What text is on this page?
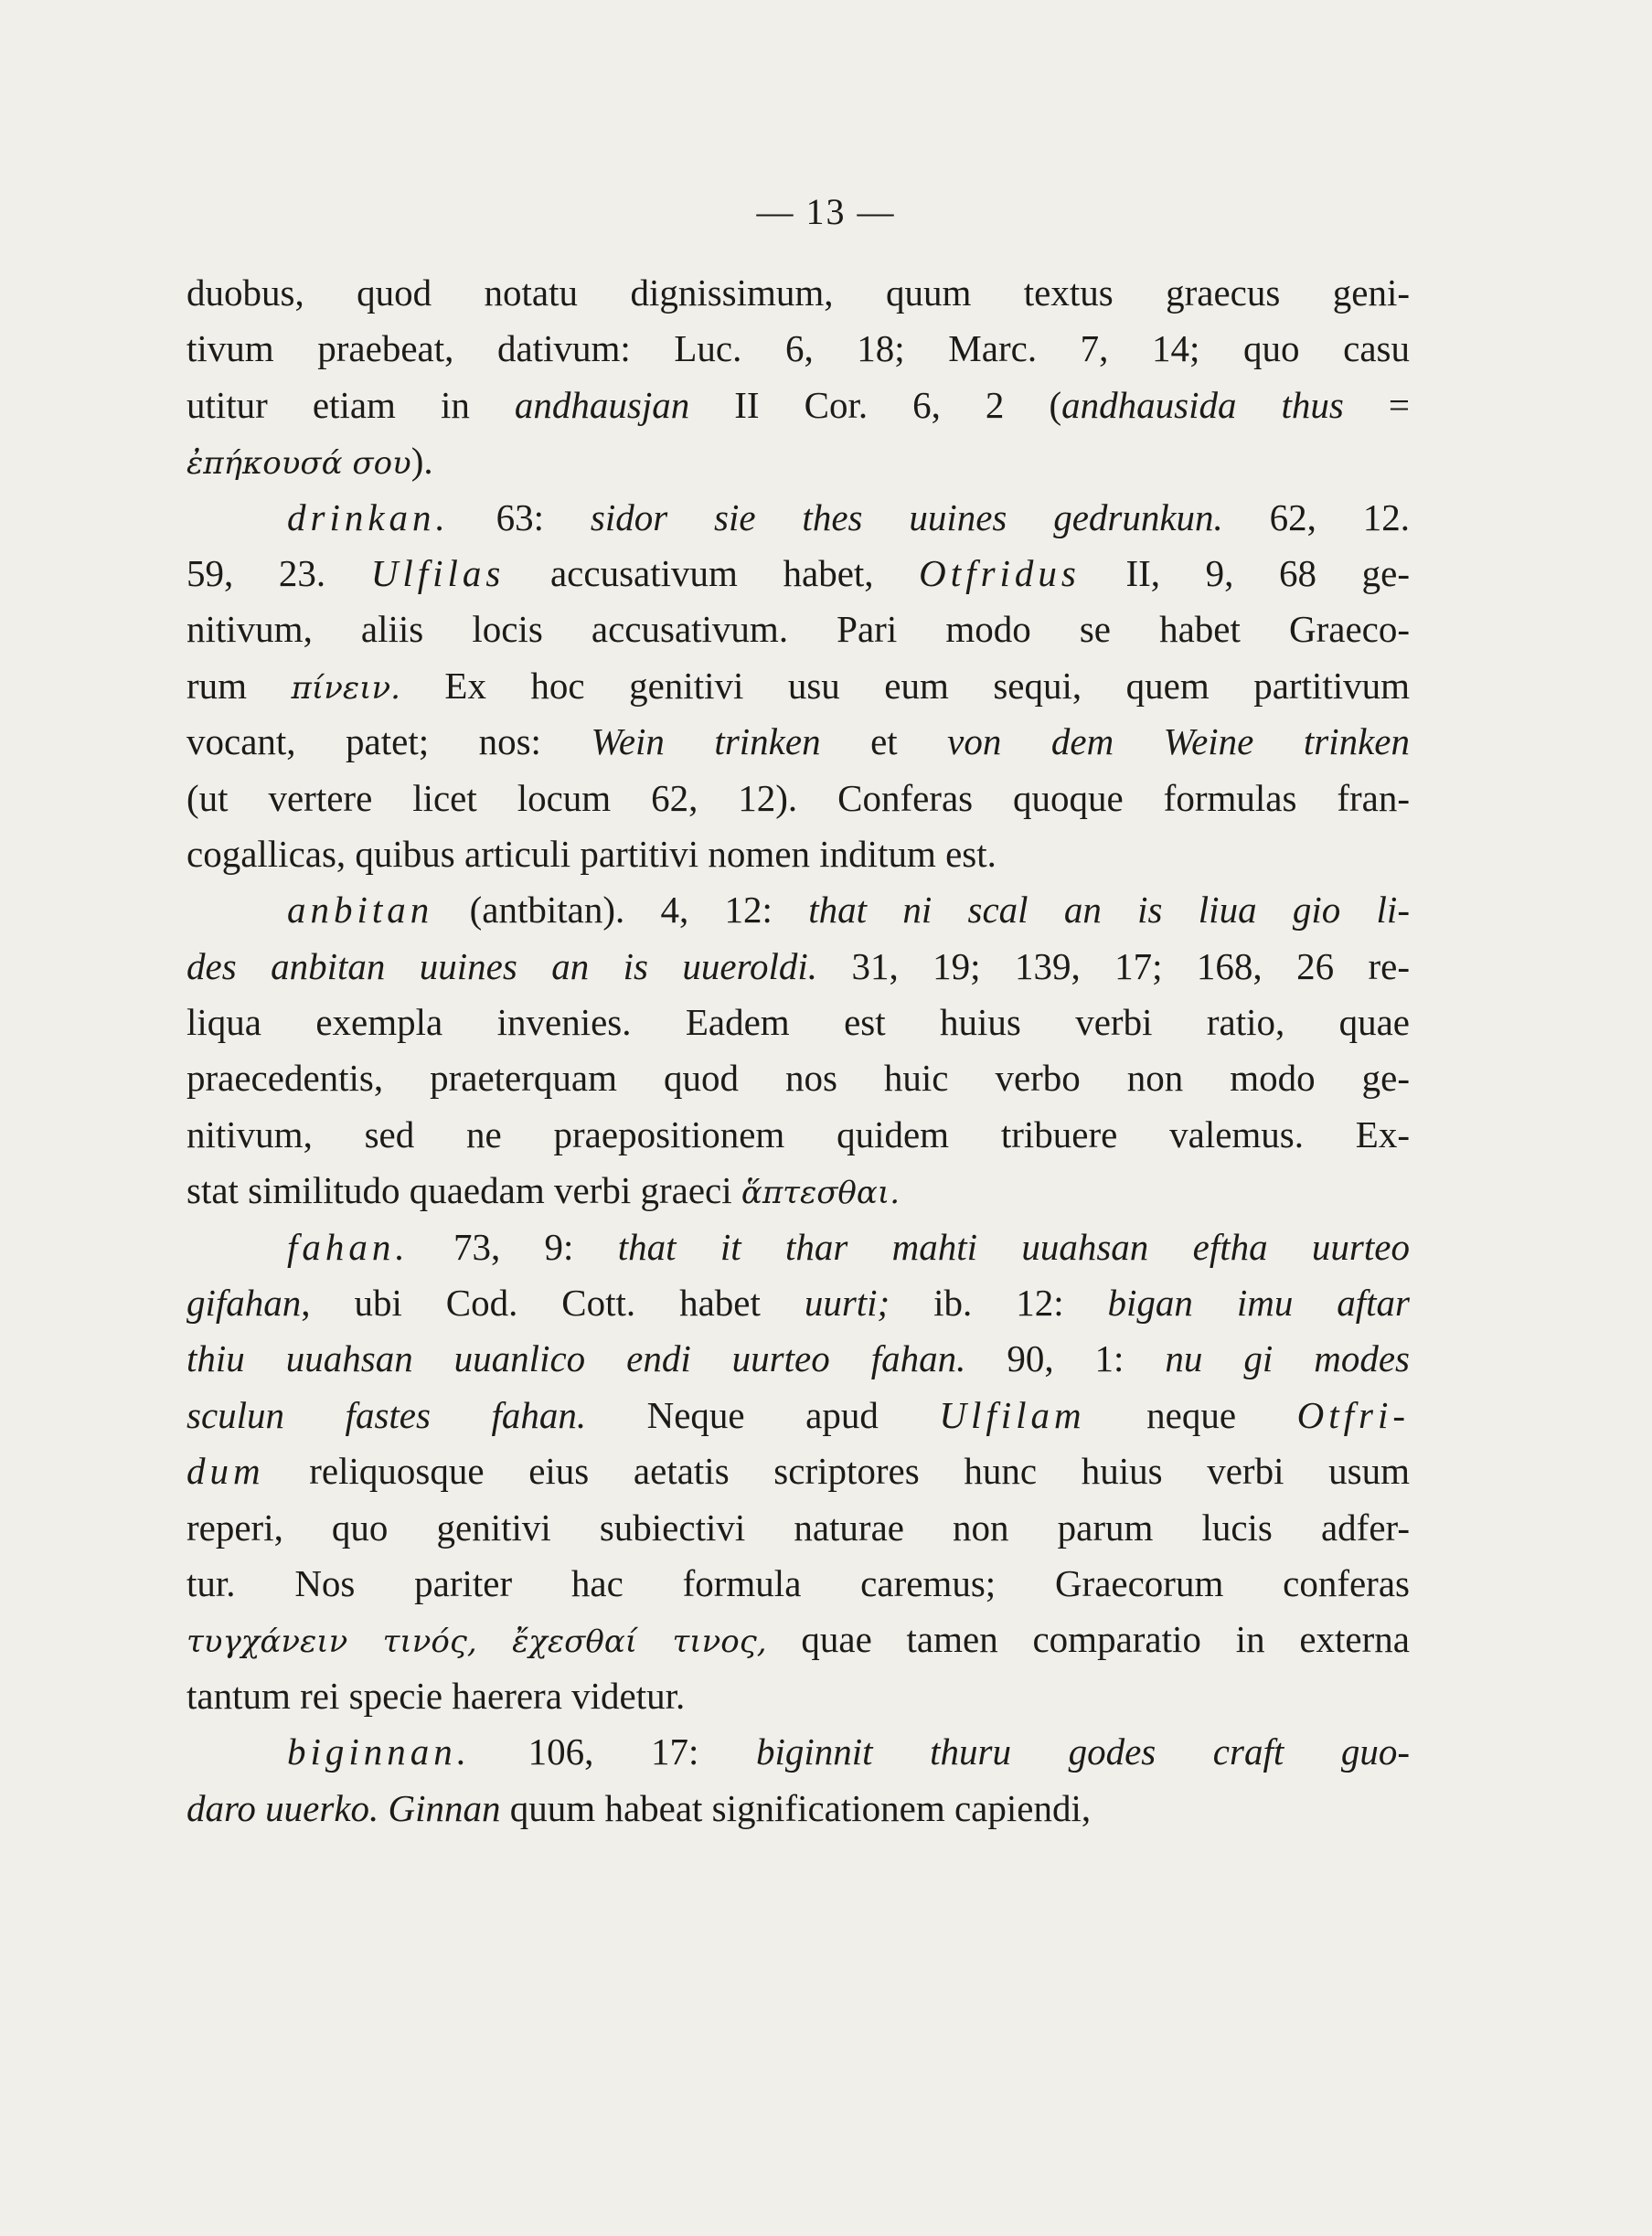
— 13 —
duobus, quod notatu dignissimum, quum textus graecus geni-
tivum praebeat, dativum: Luc. 6, 18; Marc. 7, 14; quo casu
utitur etiam in andhausjan II Cor. 6, 2 (andhausida thus =
ἐπήκουσά σου).
drinkan. 63: sidor sie thes uuines gedrunkun. 62, 12.
59, 23. Ulfilas accusativum habet, Otfridus II, 9, 68 ge-
nitivum, aliis locis accusativum. Pari modo se habet Graeco-
rum πίνειν. Ex hoc genitivi usu eum sequi, quem partitivum
vocant, patet; nos: Wein trinken et von dem Weine trinken
(ut vertere licet locum 62, 12). Conferas quoque formulas fran-
cogallicas, quibus articuli partitivi nomen inditum est.
anbitan (antbitan). 4, 12: that ni scal an is liua gio li-
des anbitan uuines an is uueroldi. 31, 19; 139, 17; 168, 26 re-
liqua exempla invenies. Eadem est huius verbi ratio, quae
praecedentis, praeterquam quod nos huic verbo non modo ge-
nitivum, sed ne praepositionem quidem tribuere valemus. Ex-
stat similitudo quaedam verbi graeci ἅπτεσθαι.
fahan. 73, 9: that it thar mahti uuahsan eftha uurteo
gifahan, ubi Cod. Cott. habet uurti; ib. 12: bigan imu aftar
thiu uuahsan uuanlico endi uurteo fahan. 90, 1: nu gi modes
sculun fastes fahan. Neque apud Ulfilam neque Otfri-
dum reliquosque eius aetatis scriptores hunc huius verbi usum
reperi, quo genitivi subiectivi naturae non parum lucis adfer-
tur. Nos pariter hac formula caremus; Graecorum conferas
τυγχάνειν τινός, ἔχεσθαί τινος, quae tamen comparatio in externa
tantum rei specie haerera videtur.
biginnan. 106, 17: biginnit thuru godes craft guo-
daro uuerko. Ginnan quum habeat significationem capiendi,
